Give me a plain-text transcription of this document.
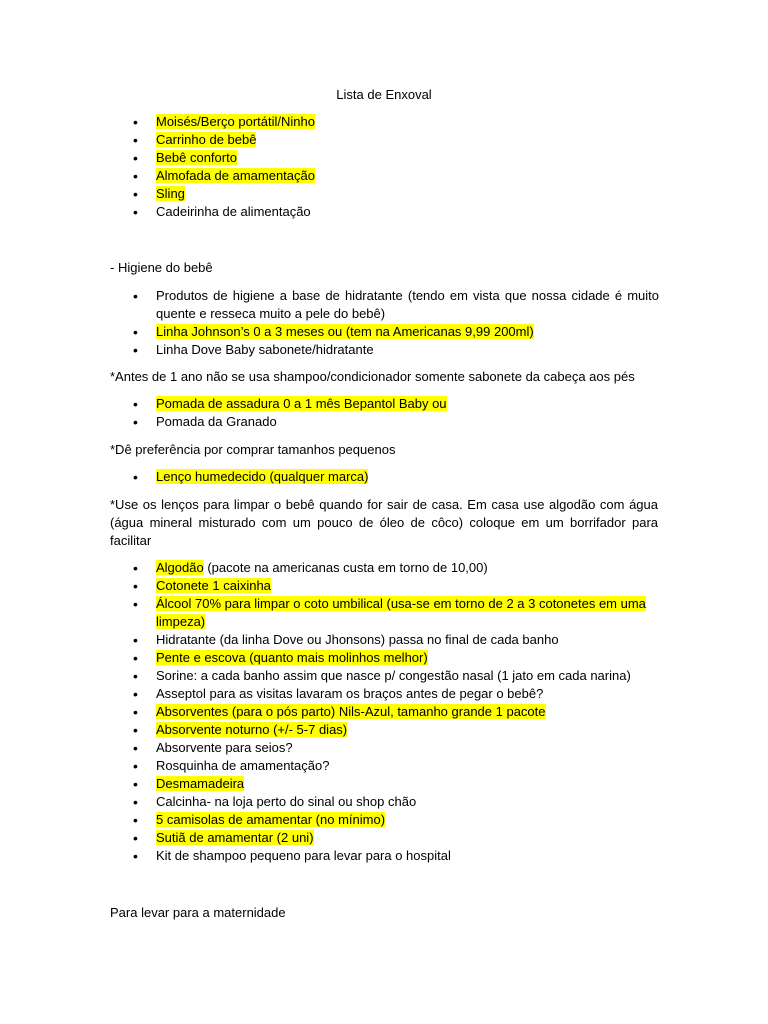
Lista de Enxoval
• Moisés/Berço portátil/Ninho
• Carrinho de bebê
• Bebê conforto
• Almofada de amamentação
• Sling
• Cadeirinha de alimentação

- Higiene do bebê

• Produtos de higiene a base de hidratante (tendo em vista que nossa cidade é muito quente e resseca muito a pele do bebê)
• Linha Johnson’s 0 a 3 meses ou (tem na Americanas 9,99 200ml)
• Linha Dove Baby sabonete/hidratante

*Antes de 1 ano não se usa shampoo/condicionador somente sabonete da cabeça aos pés

• Pomada de assadura 0 a 1 mês Bepantol Baby ou
• Pomada da Granado

*Dê preferência por comprar tamanhos pequenos

• Lenço humedecido (qualquer marca)

*Use os lenços para limpar o bebê quando for sair de casa. Em casa use algodão com água (água mineral misturado com um pouco de óleo de côco) coloque em um borrifador para facilitar

• Algodão (pacote na americanas custa em torno de 10,00)
• Cotonete 1 caixinha
• Álcool 70% para limpar o coto umbilical (usa-se em torno de 2 a 3 cotonetes em uma limpeza)
• Hidratante (da linha Dove ou Jhonsons) passa no final de cada banho
• Pente e escova (quanto mais molinhos melhor)
• Sorine: a cada banho assim que nasce p/ congestão nasal (1 jato em cada narina)
• Asseptol para as visitas lavaram os braços antes de pegar o bebê?
• Absorventes (para o pós parto) Nils-Azul, tamanho grande 1 pacote
• Absorvente noturno (+/- 5-7 dias)
• Absorvente para seios?
• Rosquinha de amamentação?
• Desmamadeira
• Calcinha- na loja perto do sinal ou shop chão
• 5 camisolas de amamentar (no mínimo)
• Sutiã de amamentar (2 uni)
• Kit de shampoo pequeno para levar para o hospital

Para levar para a maternidade
